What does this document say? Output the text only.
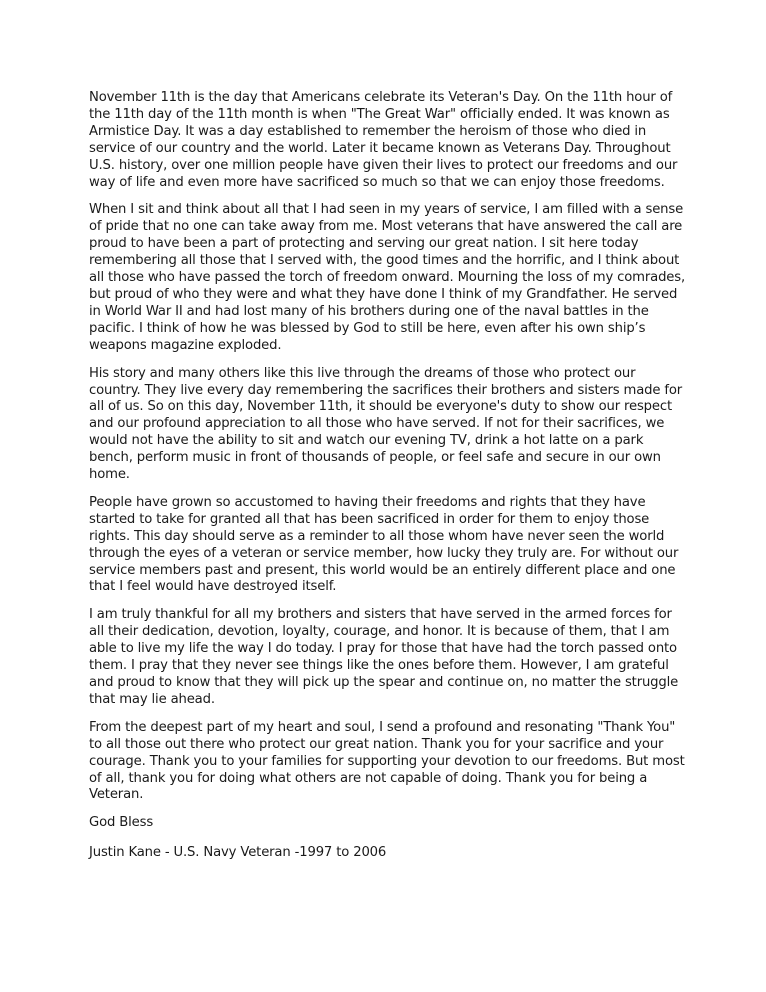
November 11th is the day that Americans celebrate its Veteran's Day. On the 11th hour of the 11th day of the 11th month is when "The Great War" officially ended. It was known as Armistice Day. It was a day established to remember the heroism of those who died in service of our country and the world. Later it became known as Veterans Day. Throughout U.S. history, over one million people have given their lives to protect our freedoms and our way of life and even more have sacrificed so much so that we can enjoy those freedoms.

When I sit and think about all that I had seen in my years of service, I am filled with a sense of pride that no one can take away from me. Most veterans that have answered the call are proud to have been a part of protecting and serving our great nation. I sit here today remembering all those that I served with, the good times and the horrific, and I think about all those who have passed the torch of freedom onward. Mourning the loss of my comrades, but proud of who they were and what they have done I think of my Grandfather. He served in World War II and had lost many of his brothers during one of the naval battles in the pacific. I think of how he was blessed by God to still be here, even after his own ship’s weapons magazine exploded.

His story and many others like this live through the dreams of those who protect our country. They live every day remembering the sacrifices their brothers and sisters made for all of us. So on this day, November 11th, it should be everyone's duty to show our respect and our profound appreciation to all those who have served. If not for their sacrifices, we would not have the ability to sit and watch our evening TV, drink a hot latte on a park bench, perform music in front of thousands of people, or feel safe and secure in our own home.

People have grown so accustomed to having their freedoms and rights that they have started to take for granted all that has been sacrificed in order for them to enjoy those rights. This day should serve as a reminder to all those whom have never seen the world through the eyes of a veteran or service member, how lucky they truly are. For without our service members past and present, this world would be an entirely different place and one that I feel would have destroyed itself.

I am truly thankful for all my brothers and sisters that have served in the armed forces for all their dedication, devotion, loyalty, courage, and honor. It is because of them, that I am able to live my life the way I do today. I pray for those that have had the torch passed onto them. I pray that they never see things like the ones before them. However, I am grateful and proud to know that they will pick up the spear and continue on, no matter the struggle that may lie ahead.

From the deepest part of my heart and soul, I send a profound and resonating "Thank You" to all those out there who protect our great nation. Thank you for your sacrifice and your courage. Thank you to your families for supporting your devotion to our freedoms. But most of all, thank you for doing what others are not capable of doing. Thank you for being a Veteran.

God Bless

Justin Kane - U.S. Navy Veteran -1997 to 2006
